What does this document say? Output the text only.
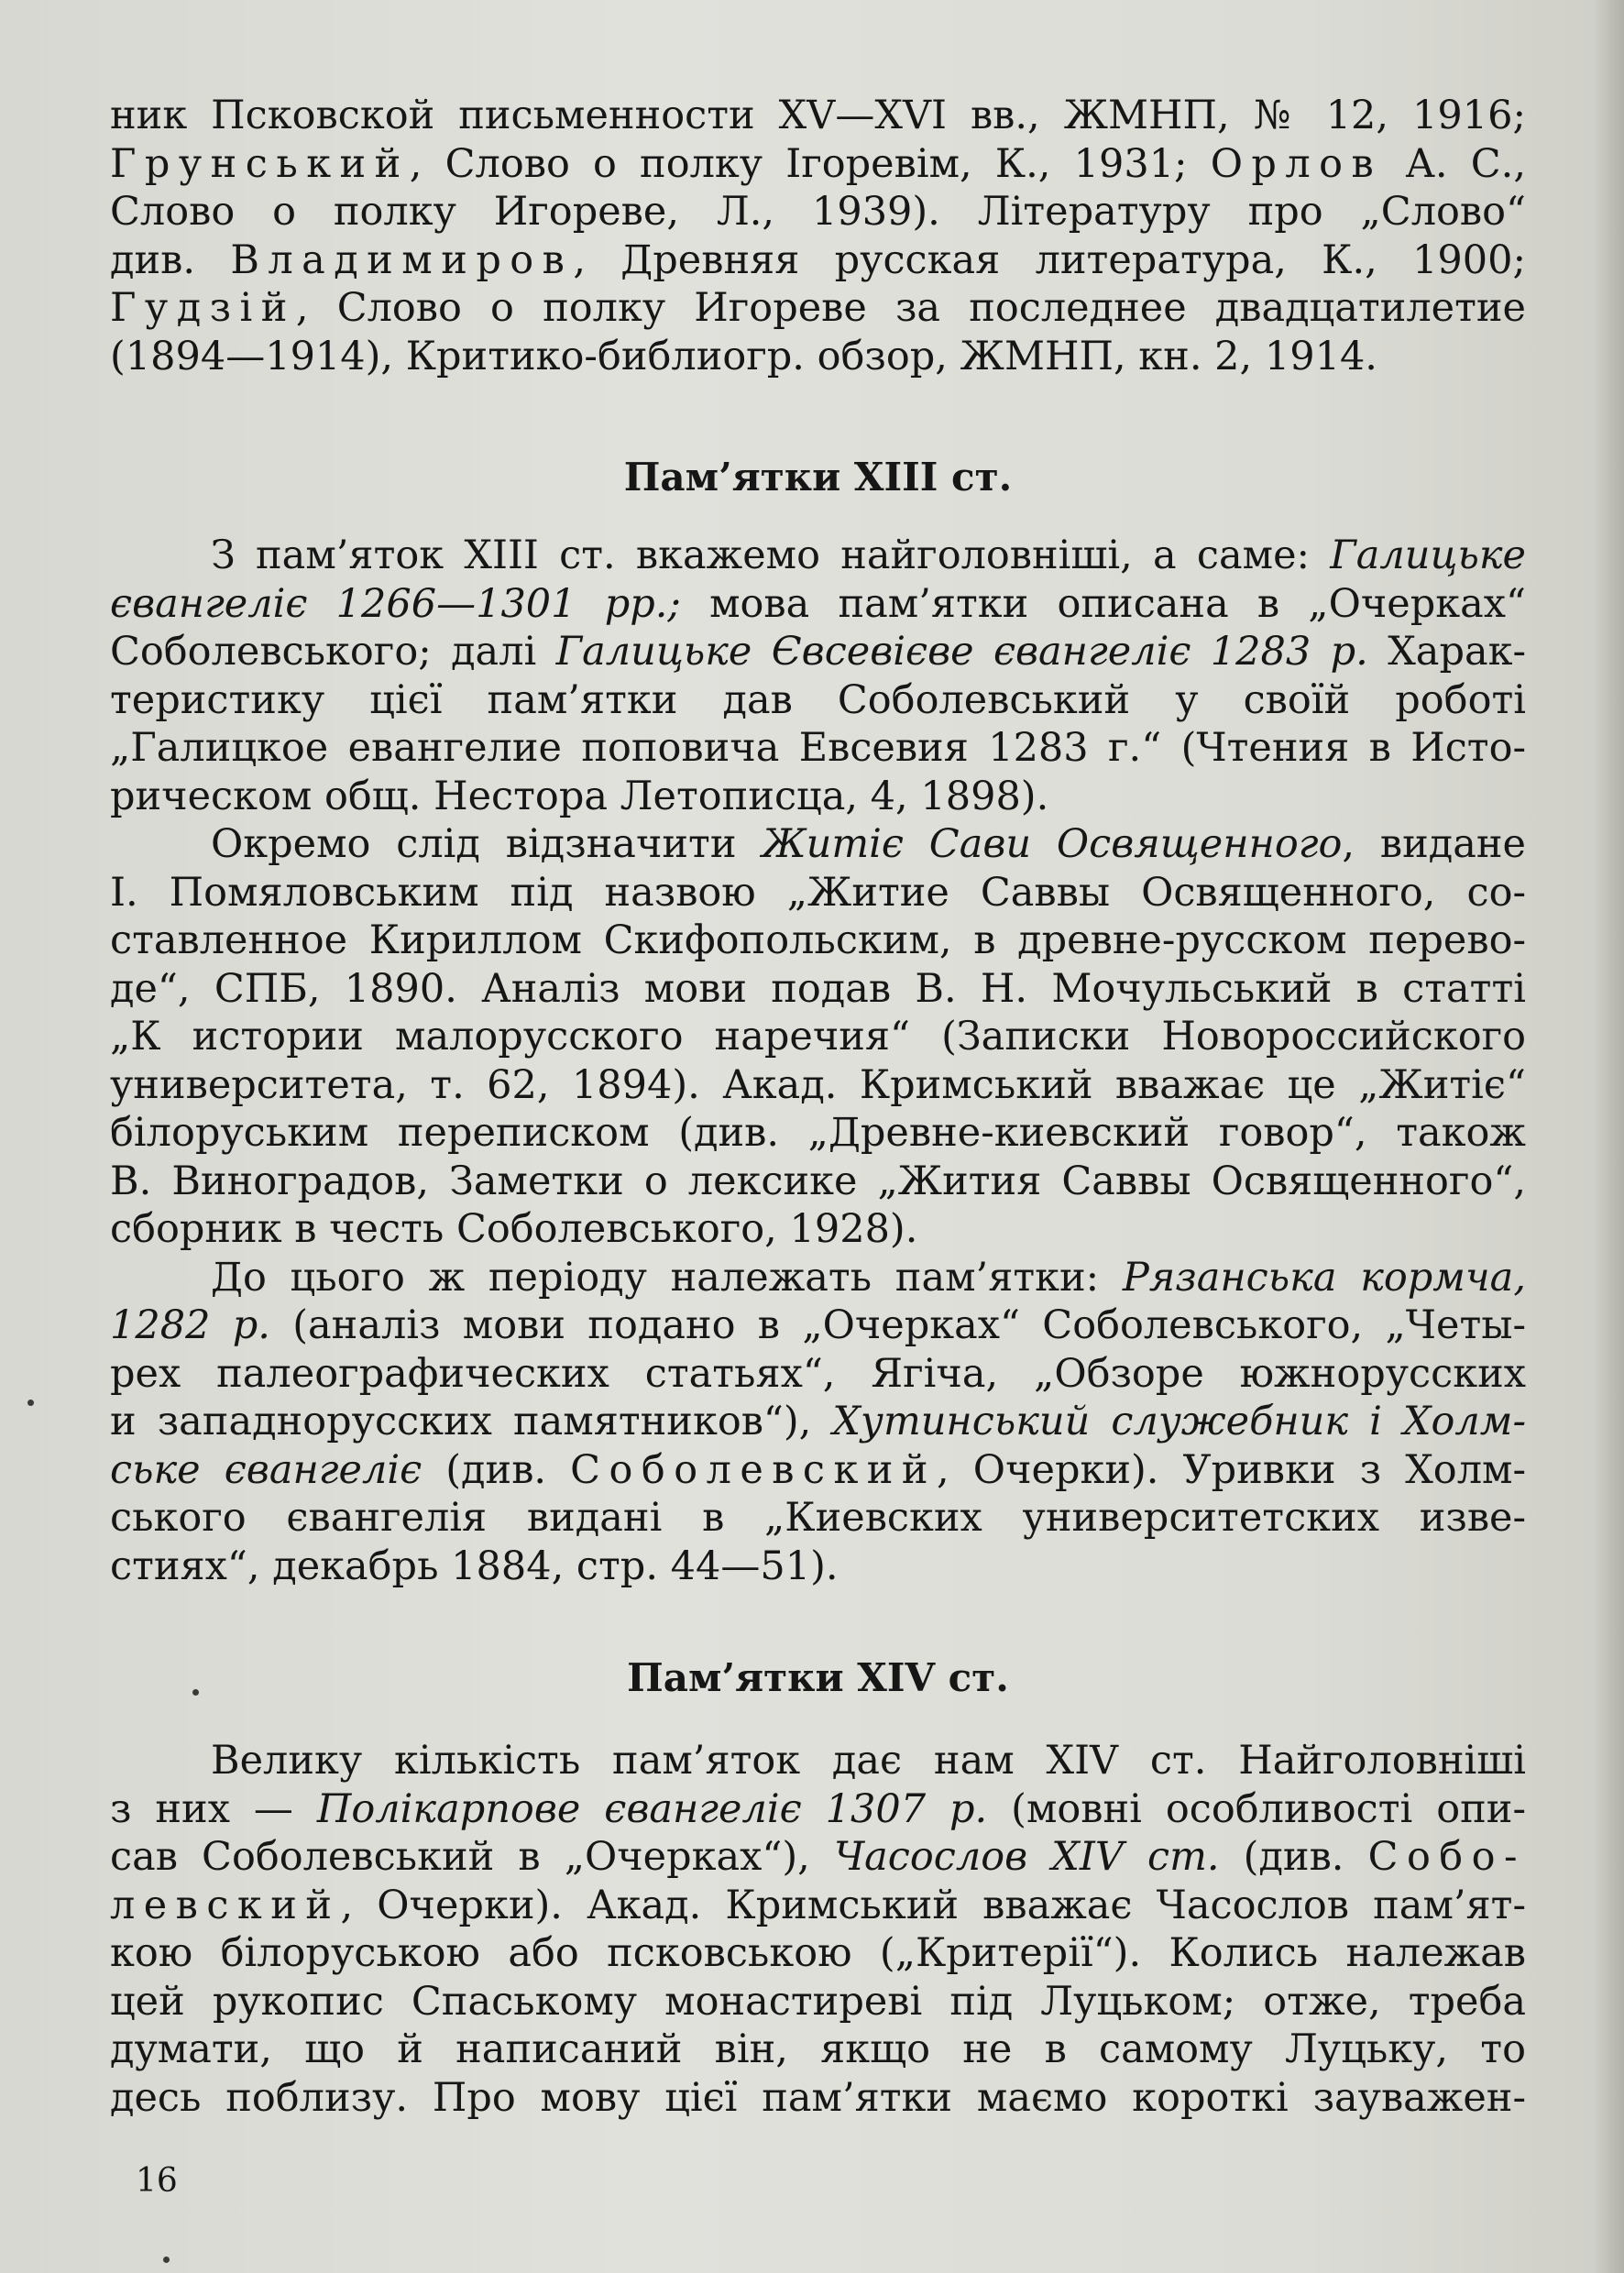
ник Псковской письменности XV—XVI вв., ЖМНП, № 12, 1916;
Грунський, Слово о полку Ігоревім, К., 1931; Орлов А. С.,
Слово о полку Игореве, Л., 1939). Літературу про „Слово“
див. Владимиров, Древняя русская литература, К., 1900;
Гудзій, Слово о полку Игореве за последнее двадцатилетие
(1894—1914), Критико-библиогр. обзор, ЖМНП, кн. 2, 1914.
Пам’ятки XIII ст.
З пам’яток XIII ст. вкажемо найголовніші, а саме: Галицьке
євангеліє 1266—1301 рр.; мова пам’ятки описана в „Очерках“
Соболевського; далі Галицьке Євсевієве євангеліє 1283 р. Харак-
теристику цієї пам’ятки дав Соболевський у своїй роботі
„Галицкое евангелие поповича Евсевия 1283 г.“ (Чтения в Исто-
рическом общ. Нестора Летописца, 4, 1898).
Окремо слід відзначити Житіє Сави Освященного, видане
І. Помяловським під назвою „Житие Саввы Освященного, со-
ставленное Кириллом Скифопольским, в древне-русском перево-
де“, СПБ, 1890. Аналіз мови подав В. Н. Мочульський в статті
„К истории малорусского наречия“ (Записки Новороссийского
университета, т. 62, 1894). Акад. Кримський вважає це „Житіє“
білоруським переписком (див. „Древне-киевский говор“, також
В. Виноградов, Заметки о лексике „Жития Саввы Освященного“,
сборник в честь Соболевського, 1928).
До цього ж періоду належать пам’ятки: Рязанська кормча,
1282 р. (аналіз мови подано в „Очерках“ Соболевського, „Четы-
рех палеографических статьях“, Ягіча, „Обзоре южнорусских
и западнорусских памятников“), Хутинський служебник і Холм-
ське євангеліє (див. Соболевский, Очерки). Уривки з Холм-
ського євангелія видані в „Киевских университетских изве-
стиях“, декабрь 1884, стр. 44—51).
Пам’ятки XIV ст.
Велику кількість пам’яток дає нам XIV ст. Найголовніші
з них — Полікарпове євангеліє 1307 р. (мовні особливості опи-
сав Соболевський в „Очерках“), Часослов XIV ст. (див. Собо-
левский, Очерки). Акад. Кримський вважає Часослов пам’ят-
кою білоруською або псковською („Критерії“). Колись належав
цей рукопис Спаському монастиреві під Луцьком; отже, треба
думати, що й написаний він, якщо не в самому Луцьку, то
десь поблизу. Про мову цієї пам’ятки маємо короткі зауважен-
16
